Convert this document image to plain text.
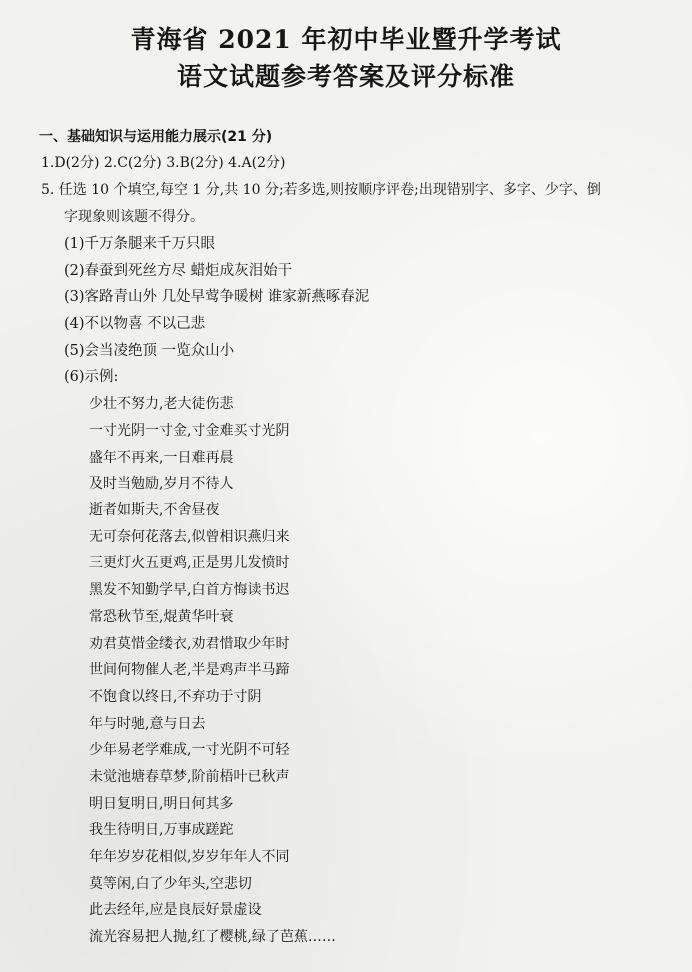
青海省 2021 年初中毕业暨升学考试
语文试题参考答案及评分标准
一、基础知识与运用能力展示(21 分)
1.D(2分) 2.C(2分) 3.B(2分) 4.A(2分)
5. 任选 10 个填空,每空 1 分,共 10 分;若多选,则按顺序评卷;出现错别字、多字、少字、倒
字现象则该题不得分。
(1)千万条腿来千万只眼
(2)春蚕到死丝方尽 蜡炬成灰泪始干
(3)客路青山外 几处早莺争暖树 谁家新燕啄春泥
(4)不以物喜 不以己悲
(5)会当凌绝顶 一览众山小
(6)示例:
少壮不努力,老大徒伤悲
一寸光阴一寸金,寸金难买寸光阴
盛年不再来,一日难再晨
及时当勉励,岁月不待人
逝者如斯夫,不舍昼夜
无可奈何花落去,似曾相识燕归来
三更灯火五更鸡,正是男儿发愤时
黑发不知勤学早,白首方悔读书迟
常恐秋节至,焜黄华叶衰
劝君莫惜金缕衣,劝君惜取少年时
世间何物催人老,半是鸡声半马蹄
不饱食以终日,不弃功于寸阴
年与时驰,意与日去
少年易老学难成,一寸光阴不可轻
未觉池塘春草梦,阶前梧叶已秋声
明日复明日,明日何其多
我生待明日,万事成蹉跎
年年岁岁花相似,岁岁年年人不同
莫等闲,白了少年头,空悲切
此去经年,应是良辰好景虚设
流光容易把人抛,红了樱桃,绿了芭蕉……
